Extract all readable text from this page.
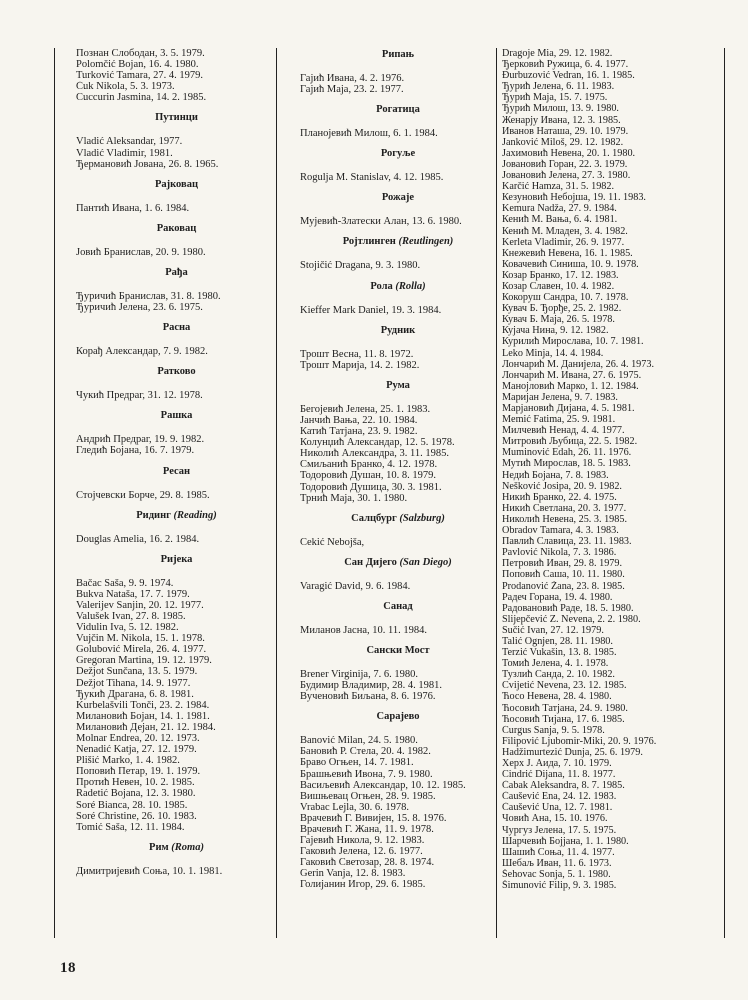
Познан Слободан, 3. 5. 1979.
Polomčić Bojan, 16. 4. 1980.
Turković Tamara, 27. 4. 1979.
Čuk Nikola, 5. 3. 1973.
Cuccurin Jasmina, 14. 2. 1985.
Путинци
Vladić Aleksandar, 1977.
Vladić Vladimir, 1981.
Ђермановић Јована, 26. 8. 1965.
Рајковац
Пантић Ивана, 1. 6. 1984.
Раковац
Јовић Бранислав, 20. 9. 1980.
Рађа
Ђуричић Бранислав, 31. 8. 1980.
Ђуричић Јелена, 23. 6. 1975.
Расна
Корађ Александар, 7. 9. 1982.
Ратково
Чукић Предраг, 31. 12. 1978.
Рашка
Андрић Предраг, 19. 9. 1982.
Гледић Бојана, 16. 7. 1979.
Ресан
Стојчевски Борче, 29. 8. 1985.
Ридинг (Reading)
Douglas Amelia, 16. 2. 1984.
Ријека
Bačac Saša, 9. 9. 1974.
Bukva Nataša, 17. 7. 1979.
Valerijev Sanjin, 20. 12. 1977.
Valušek Ivan, 27. 8. 1985.
Vidulin Iva, 5. 12. 1982.
Vujčin M. Nikola, 15. 1. 1978.
Golubović Mirela, 26. 4. 1977.
Gregoran Martina, 19. 12. 1979.
Dežjot Sunčana, 13. 5. 1979.
Dežjot Tihana, 14. 9. 1977.
Ђукић Драгана, 6. 8. 1981.
Kurbelašvili Tonči, 23. 2. 1984.
Милановић Бојан, 14. 1. 1981.
Милановић Дејан, 21. 12. 1984.
Molnar Endrea, 20. 12. 1973.
Nenadić Katja, 27. 12. 1979.
Plišić Marko, 1. 4. 1982.
Поповић Петар, 19. 1. 1979.
Протић Невен, 10. 2. 1985.
Radetić Bojana, 12. 3. 1980.
Soré Bianca, 28. 10. 1985.
Soré Christine, 26. 10. 1983.
Tomić Saša, 12. 11. 1984.
Рим (Roma)
Димитријевић Соња, 10. 1. 1981.
Рипањ
Гајић Ивана, 4. 2. 1976.
Гајић Маја, 23. 2. 1977.
Рогатица
Планојевић Милош, 6. 1. 1984.
Рогуље
Rogulja M. Stanislav, 4. 12. 1985.
Рожаје
Мујевић-Златески Алан, 13. 6. 1980.
Ројтлинген (Reutlingen)
Stojičić Dragana, 9. 3. 1980.
Рола (Rolla)
Kieffer Mark Daniel, 19. 3. 1984.
Рудник
Трошт Весна, 11. 8. 1972.
Трошт Марија, 14. 2. 1982.
Рума
Бегојевић Јелена, 25. 1. 1983.
Јанчић Вања, 22. 10. 1984.
Катић Татјана, 23. 9. 1982.
Колунџић Александар, 12. 5. 1978.
Николић Александра, 3. 11. 1985.
Смиљанић Бранко, 4. 12. 1978.
Тодоровић Душан, 10. 8. 1979.
Тодоровић Душица, 30. 3. 1981.
Трнић Маја, 30. 1. 1980.
Салцбург (Salzburg)
Cekić Nebojša,
Сан Дијего (San Diego)
Varagić David, 9. 6. 1984.
Санад
Миланов Јасна, 10. 11. 1984.
Сански Мост
Brener Virginija, 7. 6. 1980.
Будимир Владимир, 28. 4. 1981.
Вученовић Биљана, 8. 6. 1976.
Сарајево
Banović Milan, 24. 5. 1980.
Бановић Р. Стела, 20. 4. 1982.
Браво Огњен, 14. 7. 1981.
Брашњевић Ивона, 7. 9. 1980.
Васиљевић Александар, 10. 12. 1985.
Вишњевац Огњен, 28. 9. 1985.
Vrabac Lejla, 30. 6. 1978.
Врачевић Г. Вивијен, 15. 8. 1976.
Врачевић Г. Жана, 11. 9. 1978.
Гајевић Никола, 9. 12. 1983.
Гаковић Јелена, 12. 6. 1977.
Гаковић Светозар, 28. 8. 1974.
Gerin Vanja, 12. 8. 1983.
Голијанин Игор, 29. 6. 1985.
Dragoje Mia, 29. 12. 1982.
Ђерковић Ружица, 6. 4. 1977.
Đurbuzović Vedran, 16. 1. 1985.
Ђурић Јелена, 6. 11. 1983.
Ђурић Маја, 15. 7. 1975.
Ђурић Милош, 13. 9. 1980.
Женарју Ивана, 12. 3. 1985.
Иванов Наташа, 29. 10. 1979.
Janković Miloš, 29. 12. 1982.
Јахимовић Невена, 20. 1. 1980.
Јовановић Горан, 22. 3. 1979.
Јовановић Јелена, 27. 3. 1980.
Karčić Hamza, 31. 5. 1982.
Кезуновић Небојша, 19. 11. 1983.
Kemura Nadža, 27. 9. 1984.
Кенић М. Вања, 6. 4. 1981.
Кенић М. Младен, 3. 4. 1982.
Kerleta Vladimir, 26. 9. 1977.
Кнежевић Невена, 16. 1. 1985.
Ковачевић Синиша, 10. 9. 1978.
Козар Бранко, 17. 12. 1983.
Козар Славен, 10. 4. 1982.
Кокоруш Сандра, 10. 7. 1978.
Кувач Б. Ђорђе, 25. 2. 1982.
Кувач Б. Маја, 26. 5. 1978.
Кујача Нина, 9. 12. 1982.
Курилић Мирослава, 10. 7. 1981.
Leko Minja, 14. 4. 1984.
Лончарић М. Данијела, 26. 4. 1973.
Лончарић М. Ивана, 27. 6. 1975.
Манојловић Марко, 1. 12. 1984.
Маријан Јелена, 9. 7. 1983.
Марјановић Дијана, 4. 5. 1981.
Memić Fatima, 25. 9. 1981.
Милчевић Ненад, 4. 4. 1977.
Митровић Љубица, 22. 5. 1982.
Muminović Edah, 26. 11. 1976.
Мутић Мирослав, 18. 5. 1983.
Недић Бојана, 7. 8. 1983.
Nešković Josipa, 20. 9. 1982.
Никић Бранко, 22. 4. 1975.
Никић Светлана, 20. 3. 1977.
Николић Невена, 25. 3. 1985.
Obradov Tamara, 4. 3. 1983.
Павлић Славица, 23. 11. 1983.
Pavlović Nikola, 7. 3. 1986.
Петровић Иван, 29. 8. 1979.
Поповић Саша, 10. 11. 1980.
Prodanović Žana, 23. 8. 1985.
Радеч Горана, 19. 4. 1980.
Радовановић Раде, 18. 5. 1980.
Slijepčević Z. Nevena, 2. 2. 1980.
Sučić Ivan, 27. 12. 1979.
Talić Ognjen, 28. 11. 1980.
Terzić Vukašin, 13. 8. 1985.
Томић Јелена, 4. 1. 1978.
Тузлић Санда, 2. 10. 1982.
Cvijetić Nevena, 23. 12. 1985.
Ћосо Невена, 28. 4. 1980.
Ћосовић Татјана, 24. 9. 1980.
Ћосовић Тијана, 17. 6. 1985.
Ćurgus Sanja, 9. 5. 1978.
Filipović Ljubomir-Miki, 20. 9. 1976.
Hadžimurtezić Dunja, 25. 6. 1979.
Херх Ј. Аида, 7. 10. 1979.
Cindrić Dijana, 11. 8. 1977.
Čabak Aleksandra, 8. 7. 1985.
Čaušević Ena, 24. 12. 1983.
Čaušević Una, 12. 7. 1981.
Човић Ана, 15. 10. 1976.
Чургуз Јелена, 17. 5. 1975.
Шарчевић Бојјана, 1. 1. 1980.
Шашић Соња, 11. 4. 1977.
Шебаљ Иван, 11. 6. 1973.
Šehovac Sonja, 5. 1. 1980.
Šimunović Filip, 9. 3. 1985.
18
